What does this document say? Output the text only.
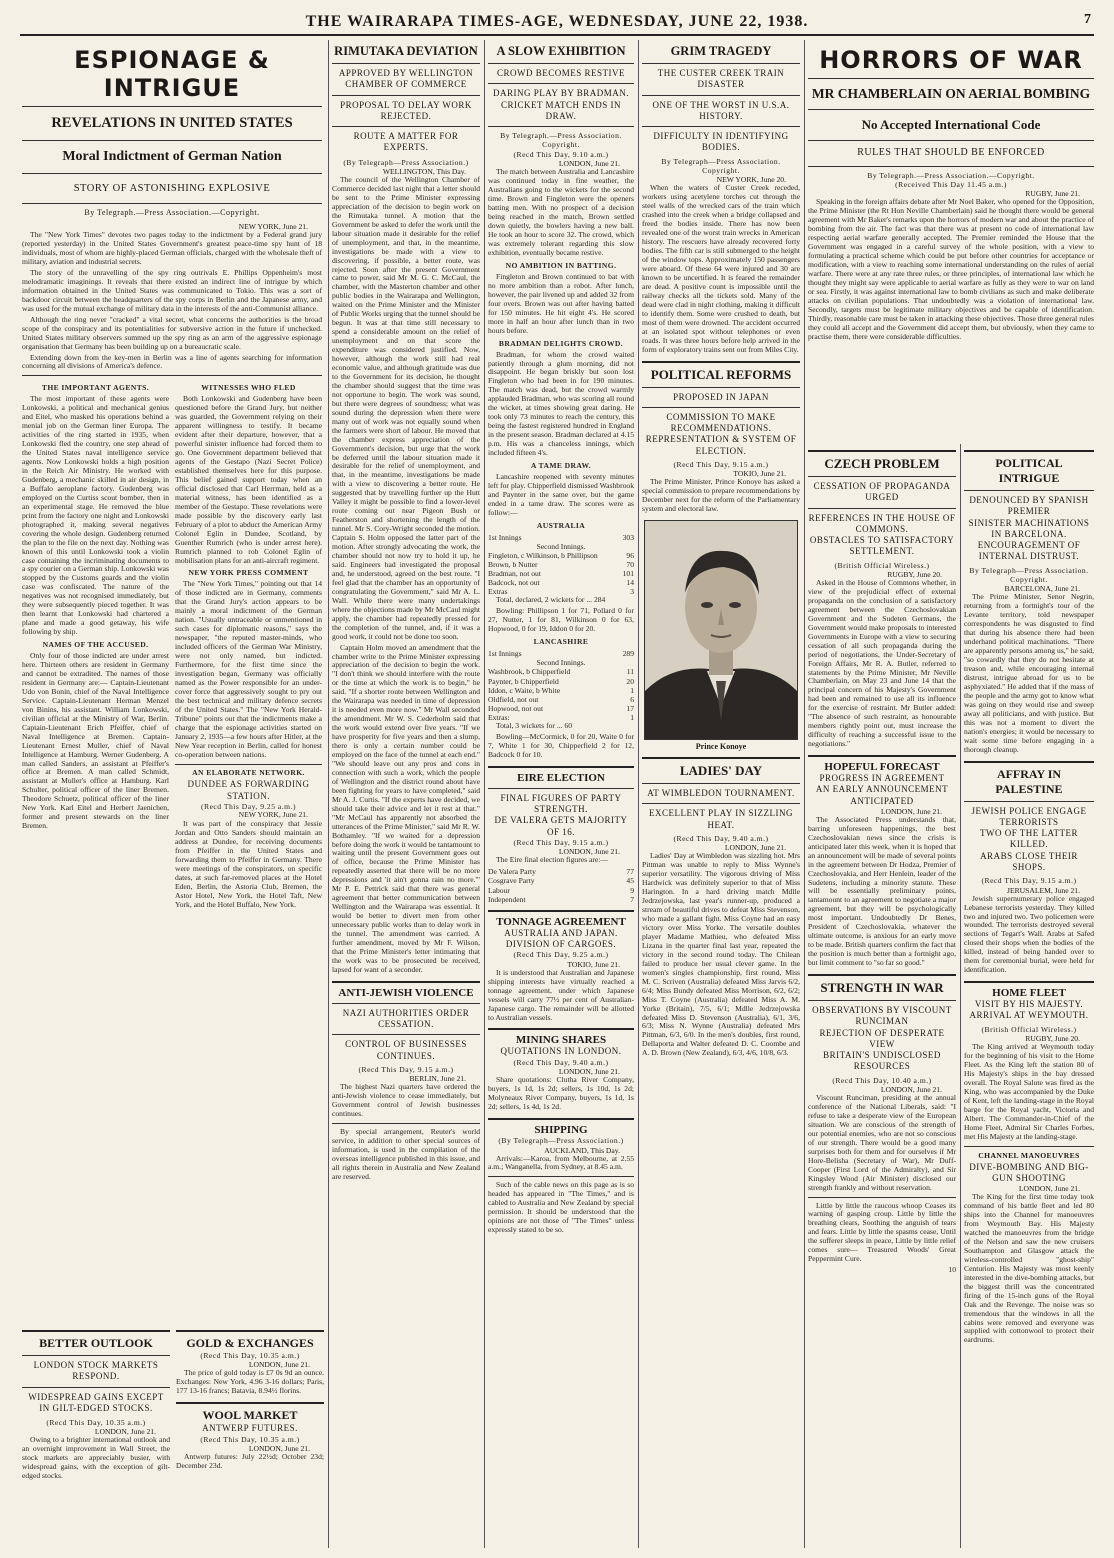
THE WAIRARAPA TIMES-AGE, WEDNESDAY, JUNE 22, 1938.	7
ESPIONAGE & INTRIGUE
REVELATIONS IN UNITED STATES
Moral Indictment of German Nation
STORY OF ASTONISHING EXPLOSIVE
By Telegraph.—Press Association.—Copyright.
NEW YORK, June 21.

The "New York Times" devotes two pages today to the indictment by a Federal grand jury (reported yesterday) in the United States Government's greatest peace-time spy hunt of 18 individuals, most of whom are highly-placed German officials, charged with the wholesale theft of military, aviation and industrial secrets.

The story of the unravelling of the spy ring outrivals E. Phillips Oppenheim's most melodramatic imaginings. It reveals that there existed an indirect line of intrigue by which information obtained in the United States was communicated to Tokio. This was a sort of backdoor circuit between the headquarters of the spy corps in Berlin and the Japanese army, and was used for the mutual exchange of military data in the interests of the anti-Communist alliance.

Although the ring never "cracked" a vital secret, what concerns the authorities is the broad scope of the conspiracy and its potentialities for subversive action in the future if unchecked. United States military observers summed up the spy ring as an arm of the aggressive espionage organisation that Germany has been building up on a bureaucratic scale.

Extending down from the key-men in Berlin was a line of agents searching for information concerning all divisions of America's defence.

THE IMPORTANT AGENTS.

The most important of these agents were Lonkowski, a political and mechanical genius and Eitel, who masked his operations behind a menial job on the German liner Europa. The activities of the ring started in 1935, when Lonkowski fled the country, one step ahead of the United States naval intelligence service agents. Now Lonkowski holds a high position in the Reich Air Ministry. He worked with Gudenberg, a mechanic skilled in air design, in a Buffalo aeroplane factory. Gudenberg was employed on the Curtiss scout bomber, then in an experimental stage. He removed the blue print from the factory one night and Lonkowski photographed it, making several negatives covering the whole design. Gudenberg returned the plan to the file on the next day. Nothing was known of this until Lonkowski took a violin case containing the incriminating documents to a spy courier on a German ship. Lonkowski was stopped by the Customs guards and the violin case was confiscated. The nature of the negatives was not recognised immediately, but they were subsequently pieced together. It was then learnt that Lonkowski had chartered a plane and made a good getaway, his wife following by ship.

NAMES OF THE ACCUSED.

Only four of those indicted are under arrest here. Thirteen others are resident in Germany and cannot be extradited. The names of those resident in Germany are:— Captain-Lieutenant Udo von Bonin, chief of the Naval Intelligence Service. Captain-Lieutenant Herman Menzel von Binins, his assistant. William Lonkowski, civilian official at the Ministry of War, Berlin. Captain-Lieutenant Erich Pfeiffer, chief of Naval Intelligence at Bremen. Captain-Lieutenant Ernest Muller, chief of Naval Intelligence at Hamburg. Werner Gudenberg. A man called Sanders, an assistant at Pfeiffer's office at Bremen. A man called Schmidt, assistant at Muller's office at Hamburg. Karl Schulter, political officer of the liner Bremen. Theodore Schuetz, political officer of the liner New York. Karl Eitel and Herbert Jaenichen, former and present stewards on the liner Bremen.

WITNESSES WHO FLED

Both Lonkowski and Gudenberg have been questioned before the Grand Jury, but neither was guarded, the Government relying on their apparent willingness to testify. It became evident after their departure, however, that a powerful sinister influence had forced them to go. One Government department believed that agents of the Gestapo (Nazi Secret Police) established themselves here for this purpose. This belief gained support today when an official disclosed that Carl Herrman, held as a material witness, has been identified as a member of the Gestapo. These revelations were made possible by the discovery early last February of a plot to abduct the American Army Colonel Eglin in Dundee, Scotland, by Guenther Rumrich (who is under arrest here). Rumrich planned to rob Colonel Eglin of mobilisation plans for an anti-aircraft regiment.

NEW YORK PRESS COMMENT

The "New York Times," pointing out that 14 of those indicted are in Germany, comments that the Grand Jury's action appears to be mainly a moral indictment of the German nation. "Usually untraceable or unmentioned in such cases for diplomatic reasons," says the newspaper, "the reputed master-minds, who included officers of the German War Ministry, were not only named, but indicted. Furthermore, for the first time since the investigation began, Germany was officially named as the Power responsible for an under-cover force that aggressively sought to pry out the best technical and military defence secrets of the United States." The "New York Herald-Tribune" points out that the indictments make a charge that the espionage activities started on January 2, 1935—a few hours after Hitler, at the New Year reception in Berlin, called for honest co-operation between nations.

AN ELABORATE NETWORK.
DUNDEE AS FORWARDING STATION.
(Recd This Day, 9.25 a.m.)
NEW YORK, June 21.

It was part of the conspiracy that Jessie Jordan and Otto Sanders should maintain an address at Dundee, for receiving documents from Pfeiffer in the United States and forwarding them to Pfeiffer in Germany. There were meetings of the conspirators, on specific dates, at such far-removed places at the Hotel Eden, Berlin, the Astoria Club, Bremen, the Astor Hotel, New York, the Hotel Taft, New York, and the Hotel Buffalo, New York.

BETTER OUTLOOK
LONDON STOCK MARKETS RESPOND.
WIDESPREAD GAINS EXCEPT IN GILT-EDGED STOCKS.
(Recd This Day, 10.35 a.m.)
LONDON, June 21.

Owing to a brighter international outlook and an overnight improvement in Wall Street, the stock markets are appreciably busier, with widespread gains, with the exception of gilt-edged stocks.

GOLD & EXCHANGES
(Recd This Day, 10.35 a.m.)
LONDON, June 21.

The price of gold today is £7 0s 9d an ounce. Exchanges: New York, 4.96 3-16 dollars; Paris, 177 13-16 francs; Batavia, 8.94½ florins.

WOOL MARKET
ANTWERP FUTURES.
(Recd This Day, 10.35 a.m.)
LONDON, June 21.

Antwerp futures: July 22½d; October 23d; December 23d.

RIMUTAKA DEVIATION
APPROVED BY WELLINGTON CHAMBER OF COMMERCE
PROPOSAL TO DELAY WORK REJECTED.
ROUTE A MATTER FOR EXPERTS.
(By Telegraph—Press Association.)
WELLINGTON, This Day.

The council of the Wellington Chamber of Commerce decided last night that a letter should be sent to the Prime Minister expressing appreciation of the decision to begin work on the Rimutaka tunnel. A motion that the Government be asked to defer the work until the labour situation made it desirable for the relief of unemployment, and that, in the meantime, investigations be made with a view to discovering, if possible, a better route, was rejected. Soon after the present Government came to power, said Mr M. G. C. McCaul, the chamber, with the Masterton chamber and other public bodies in the Wairarapa and Wellington, waited on the Prime Minister and the Minister of Public Works urging that the tunnel should be begun. It was at that time still necessary to spend a considerable amount on the relief of unemployment and on that score the expenditure was considered justified. Now, however, although the work still had real economic value, and although gratitude was due to the Government for its decision, he thought the chamber should suggest that the time was not opportune to begin. The work was sound, but there were degrees of soundness; what was sound during the depression when there were many out of work was not equally sound when the farmers were short of labour. He moved that the chamber express appreciation of the Government's decision, but urge that the work be deferred until the labour situation made it desirable for the relief of unemployment, and that, in the meantime, investigations be made with a view to discovering a better route. He suggested that by travelling further up the Hutt Valley it might be possible to find a lower-level route coming out near Pigeon Bush or Featherston and shortening the length of the tunnel. Mr S. Cory-Wright seconded the motion. Captain S. Holm opposed the latter part of the motion. After strongly advocating the work, the chamber should not now try to hold it up, he said. Engineers had investigated the proposal and, he understood, agreed on the best route. "I feel glad that the chamber has an opportunity of congratulating the Government," said Mr A. L. Wall. While there were many undertakings where the objections made by Mr McCaul might apply, the chamber had repeatedly pressed for the completion of the tunnel, and, if it was a good work, it could not be done too soon.

Captain Holm moved an amendment that the chamber write to the Prime Minister expressing appreciation of the decision to begin the work. "I don't think we should interfere with the route or the time at which the work is to begin," he said. "If a shorter route between Wellington and the Wairarapa was needed in time of depression it is needed even more now." Mr Wall seconded the amendment. Mr W. S. Cederholm said that the work would extend over five years. "If we have prosperity for five years and then a slump, there is only a certain number could be employed on the face of the tunnel at each end." "We should leave out any pros and cons in connection with such a work, which the people of Wellington and the district round about have been fighting for years to have completed," said Mr A. J. Curtis. "If the experts have decided, we should take their advice and let it rest at that." "Mr McCaul has apparently not absorbed the utterances of the Prime Minister," said Mr R. W. Bothamley. "If we waited for a depression before doing the work it would be tantamount to waiting until the present Government goes out of office, because the Prime Minister has repeatedly asserted that there will be no more depressions and 'it ain't gonna rain no more.'" Mr P. E. Pettrick said that there was general agreement that better communication between Wellington and the Wairarapa was essential. It would be better to divert men from other unnecessary public works than to delay work in the tunnel. The amendment was carried. A further amendment, moved by Mr F. Wilson, that the Prime Minister's letter intimating that the work was to be prosecuted be received, lapsed for want of a seconder.

ANTI-JEWISH VIOLENCE
NAZI AUTHORITIES ORDER CESSATION.
CONTROL OF BUSINESSES CONTINUES.
(Recd This Day, 9.15 a.m.)
BERLIN, June 21.

The highest Nazi quarters have ordered the anti-Jewish violence to cease immediately, but Government control of Jewish businesses continues.

By special arrangement, Reuter's world service, in addition to other special sources of information, is used in the compilation of the overseas intelligence published in this issue, and all rights therein in Australia and New Zealand are reserved.

A SLOW EXHIBITION
CROWD BECOMES RESTIVE
DARING PLAY BY BRADMAN.
CRICKET MATCH ENDS IN DRAW.
By Telegraph.—Press Association. Copyright.
(Recd This Day, 9.10 a.m.)
LONDON, June 21.

The match between Australia and Lancashire was continued today in fine weather, the Australians going to the wickets for the second time. Brown and Fingleton were the openers batting men. With no prospect of a decision being reached in the match, Brown settled down quietly, the bowlers having a new ball. He took an hour to score 32. The crowd, which was extremely tolerant regarding this slow exhibition, eventually became restive.

NO AMBITION IN BATTING.

Fingleton and Brown continued to bat with no more ambition than a robot. After lunch, however, the pair livened up and added 32 from four overs. Brown was out after having batted for 150 minutes. He hit eight 4's. He scored more in half an hour after lunch than in two hours before.

BRADMAN DELIGHTS CROWD.

Bradman, for whom the crowd waited patiently through a glum morning, did not disappoint. He began briskly but soon lost Fingleton who had been in for 190 minutes. The match was dead, but the crowd warmly applauded Bradman, who was scoring all round the wicket, at times showing great daring. He took only 73 minutes to reach the century, this being the fastest registered hundred in England in the present season. Bradman declared at 4.15 p.m. His was a chanceless innings, which included fifteen 4's.

A TAME DRAW.

Lancashire reopened with seventy minutes left for play. Chipperfield dismissed Washbrook and Paynter in the same over, but the game ended in a tame draw. The scores were as follow:—

AUSTRALIA
1st Innings	303
Second Innings.	
Fingleton, c Wilkinson, b Phillipson	96
Brown, b Nutter	70
Bradman, not out	101
Badcock, not out	14
Extras	3

Total, declared, 2 wickets for ... 284

Bowling: Phillipson 1 for 71, Pollard 0 for 27, Nutter, 1 for 81, Wilkinson 0 for 63, Hopwood, 0 for 19, Iddon 0 for 20.

LANCASHIRE
1st Innings	289
Second Innings.	
Washbrook, b Chipperfield	11
Paynter, b Chipperfield	20
Iddon, c Waite, b White	1
Oldfield, not out	6
Hopwood, not out	17
Extras:	1

Total, 3 wickets for ... 60

Bowling—McCormick, 0 for 20, Waite 0 for 7, White 1 for 30, Chipperfield 2 for 12, Badcock 0 for 10.

EIRE ELECTION
FINAL FIGURES OF PARTY STRENGTH.
DE VALERA GETS MAJORITY OF 16.
(Recd This Day, 9.15 a.m.)
LONDON, June 21.

The Eire final election figures are:—

De Valera Party	77
Cosgrave Party	45
Labour	9
Independent	7
TONNAGE AGREEMENT
AUSTRALIA AND JAPAN.
DIVISION OF CARGOES.
(Recd This Day, 9.25 a.m.)
TOKIO, June 21.

It is understood that Australian and Japanese shipping interests have virtually reached a tonnage agreement, under which Japanese vessels will carry 77½ per cent of Australian-Japanese cargo. The remainder will be allotted to Australian vessels.

MINING SHARES
QUOTATIONS IN LONDON.
(Recd This Day, 9.40 a.m.)
LONDON, June 21.

Share quotations: Clutha River Company, buyers, 1s 1d, 1s 2d; sellers, 1s 10d, 1s 2d; Molyneaux River Company, buyers, 1s 1d, 1s 2d; sellers, 1s 4d, 1s 2d.

SHIPPING
(By Telegraph—Press Association.)
AUCKLAND, This Day.

Arrivals:—Karoa, from Melbourne, at 2.55 a.m.; Wanganella, from Sydney, at 8.45 a.m.

Such of the cable news on this page as is so headed has appeared in "The Times," and is cabled to Australia and New Zealand by special permission. It should be understood that the opinions are not those of "The Times" unless expressly stated to be so.

GRIM TRAGEDY
THE CUSTER CREEK TRAIN DISASTER
ONE OF THE WORST IN U.S.A. HISTORY.
DIFFICULTY IN IDENTIFYING BODIES.
By Telegraph—Press Association. Copyright.
NEW YORK, June 20.

When the waters of Custer Creek receded, workers using acetylene torches cut through the steel walls of the wrecked cars of the train which crashed into the creek when a bridge collapsed and freed the bodies inside. There has now been revealed one of the worst train wrecks in American history. The rescuers have already recovered forty bodies. The fifth car is still submerged to the height of the window tops. Approximately 150 passengers were aboard. Of these 64 were injured and 30 are known to be uncertified. It is feared the remainder are dead. A positive count is impossible until the railway checks all the tickets sold. Many of the dead were clad in night clothing, making it difficult to identify them. Some were crushed to death, but most of them were drowned. The accident occurred at an isolated spot without telephones or even roads. It was three hours before help arrived in the form of exploratory trains sent out from Miles City.

POLITICAL REFORMS
PROPOSED IN JAPAN
COMMISSION TO MAKE RECOMMENDATIONS.
REPRESENTATION & SYSTEM OF ELECTION.
(Recd This Day, 9.15 a.m.)
TOKIO, June 21.

The Prime Minister, Prince Konoye has asked a special commission to prepare recommendations by December next for the reform of the Parliamentary system and electoral law.

Prince Konoye
LADIES' DAY
AT WIMBLEDON TOURNAMENT.
EXCELLENT PLAY IN SIZZLING HEAT.
(Recd This Day, 9.40 a.m.)
LONDON, June 21.

Ladies' Day at Wimbledon was sizzling hot. Mrs Pittman was unable to reply to Miss Wynne's superior versatility. The vigorous driving of Miss Hardwick was definitely superior to that of Miss Harington. In a hard driving match Mdlle Jedrzejowska, last year's runner-up, produced a stream of beautiful drives to defeat Miss Stevenson, who made a gallant fight. Miss Coyne had an easy victory over Miss Yorke. The versatile doubles player Madame Mathieu, who defeated Miss Lizana in the quarter final last year, repeated the victory in the second round today. The Chilean failed to produce her usual clever game. In the women's singles championship, first round, Miss M. C. Scriven (Australia) defeated Miss Jarvis 6/2, 6/4; Miss Bundy defeated Miss Morrison, 6/2, 6/2; Miss T. Coyne (Australia) defeated Miss A. M. Yorke (Britain), 7/5, 6/1; Mdlle Jedrzejowska defeated Miss D. Stevenson (Australia), 6/1, 3/6, 6/3; Miss N. Wynne (Australia) defeated Mrs Pittman, 6/3, 6/0. In the men's doubles, first round, Dellaporta and Walter defeated D. C. Coombe and A. D. Brown (New Zealand), 6/3, 4/6, 10/8, 6/3.

HORRORS OF WAR
MR CHAMBERLAIN ON AERIAL BOMBING
No Accepted International Code
RULES THAT SHOULD BE ENFORCED
By Telegraph.—Press Association.—Copyright.
(Received This Day 11.45 a.m.)
RUGBY, June 21.

Speaking in the foreign affairs debate after Mr Noel Baker, who opened for the Opposition, the Prime Minister (the Rt Hon Neville Chamberlain) said he thought there would be general agreement with Mr Baker's remarks upon the horrors of modern war and about the practice of bombing from the air. The fact was that there was at present no code of international law respecting aerial warfare generally accepted. The Premier reminded the House that the Government was engaged in a careful survey of the whole position, with a view to formulating a practical scheme which could be put before other countries for acceptance or modification, with a view to reaching some international understanding on the rules of aerial warfare. There were at any rate three rules, or three principles, of international law which he thought they might say were applicable to aerial warfare as fully as they were to war on land or sea. Firstly, it was against international law to bomb civilians as such and make deliberate attacks on civilian populations. That undoubtedly was a violation of international law. Secondly, targets must be legitimate military objectives and be capable of identification. Thirdly, reasonable care must be taken in attacking these objectives. Those three general rules they could all accept and the Government did accept them, but obviously, when they came to practise them, there were considerable difficulties.

CZECH PROBLEM
CESSATION OF PROPAGANDA URGED
REFERENCES IN THE HOUSE OF COMMONS.
OBSTACLES TO SATISFACTORY SETTLEMENT.
(British Official Wireless.)
RUGBY, June 20.

Asked in the House of Commons whether, in view of the prejudicial effect of external propaganda on the conclusion of a satisfactory agreement between the Czechoslovakian Government and the Sudeten Germans, the Government would make proposals to interested Governments in Europe with a view to securing cessation of all such propaganda during the period of negotiations, the Under-Secretary of Foreign Affairs, Mr R. A. Butler, referred to statements by the Prime Minister, Mr Neville Chamberlain, on May 23 and June 14 that the principal concern of his Majesty's Government had been and remained to use all its influence for the exercise of restraint. Mr Butler added: "The absence of such restraint, as honourable members rightly point out, must increase the difficulty of reaching a successful issue to the negotiations."

HOPEFUL FORECAST
PROGRESS IN AGREEMENT
AN EARLY ANNOUNCEMENT ANTICIPATED
LONDON, June 21.

The Associated Press understands that, barring unforeseen happenings, the best Czechoslovakian news since the crisis is anticipated later this week, when it is hoped that an announcement will be made of several points in the agreement between Dr Hodza, Premier of Czechoslovakia, and Herr Henlein, leader of the Sudetens, including a minority statute. These will be essentially preliminary points, tantamount to an agreement to negotiate a major agreement, but they will be psychologically most important. Undoubtedly Dr Benes, President of Czechoslovakia, whatever the ultimate outcome, is anxious for an early move to be made. British quarters confirm the fact that the position is much better than a fortnight ago, but limit comment to "so far so good."

STRENGTH IN WAR
OBSERVATIONS BY VISCOUNT RUNCIMAN
REJECTION OF DESPERATE VIEW
BRITAIN'S UNDISCLOSED RESOURCES
(Recd This Day, 10.40 a.m.)
LONDON, June 21.

Viscount Runciman, presiding at the annual conference of the National Liberals, said: "I refuse to take a desperate view of the European situation. We are conscious of the strength of our potential enemies, who are not so conscious of our strength. There would be a good many surprises both for them and for ourselves if Mr Hore-Belisha (Secretary of War), Mr Duff-Cooper (First Lord of the Admiralty), and Sir Kingsley Wood (Air Minister) disclosed our strength frankly and without reservation.

Little by little the raucous whoop Ceases its warning of gasping croup. Little by little the breathing clears, Soothing the anguish of tears and fears. Little by little the spasms cease, Until the sufferer sleeps in peace, Little by little relief comes sure— Treasured Woods' Great Peppermint Cure.

10
POLITICAL INTRIGUE
DENOUNCED BY SPANISH PREMIER
SINISTER MACHINATIONS IN BARCELONA.
ENCOURAGEMENT OF INTERNAL DISTRUST.
By Telegraph—Press Association. Copyright.
BARCELONA, June 21.

The Prime Minister, Senor Negrin, returning from a fortnight's tour of the Levante territory, told newspaper correspondents he was disgusted to find that during his absence there had been underhand political machinations. "There are apparently persons among us," he said, "so cowardly that they do not hesitate at treason and, while encouraging internal distrust, intrigue abroad for us to be asphyxiated." He added that if the mass of the people and the army got to know what was going on they would rise and sweep away all politicians, and with justice. But this was not a moment to divert the nation's energies; it would be necessary to wait some time before engaging in a thorough cleanup.

AFFRAY IN PALESTINE
JEWISH POLICE ENGAGE TERRORISTS
TWO OF THE LATTER KILLED.
ARABS CLOSE THEIR SHOPS.
(Recd This Day, 9.15 a.m.)
JERUSALEM, June 21.

Jewish supernumerary police engaged Lebanese terrorists yesterday. They killed two and injured two. Two policemen were wounded. The terrorists destroyed several sections of Tegart's Wall. Arabs at Safed closed their shops when the bodies of the killed, instead of being handed over to them for ceremonial burial, were held for identification.

HOME FLEET
VISIT BY HIS MAJESTY.
ARRIVAL AT WEYMOUTH.
(British Official Wireless.)
RUGBY, June 20.

The King arrived at Weymouth today for the beginning of his visit to the Home Fleet. As the King left the station 80 of His Majesty's ships in the bay dressed overall. The Royal Salute was fired as the King, who was accompanied by the Duke of Kent, left the landing-stage in the Royal barge for the Royal yacht, Victoria and Albert. The Commander-in-Chief of the Home Fleet, Admiral Sir Charles Forbes, met His Majesty at the landing-stage.

CHANNEL MANOEUVRES
DIVE-BOMBING AND BIG-GUN SHOOTING
LONDON, June 21.

The King for the first time today took command of his battle fleet and led 80 ships into the Channel for manoeuvres from Weymouth Bay. His Majesty watched the manoeuvres from the bridge of the Nelson and saw the new cruisers Southampton and Glasgow attack the wireless-controlled "ghost-ship" Centurion. His Majesty was most keenly interested in the dive-bombing attacks, but the biggest thrill was the concentrated firing of the 15-inch guns of the Royal Oak and the Revenge. The noise was so tremendous that the windows in all the cabins were removed and everyone was supplied with cottonwool to protect their eardrums.
